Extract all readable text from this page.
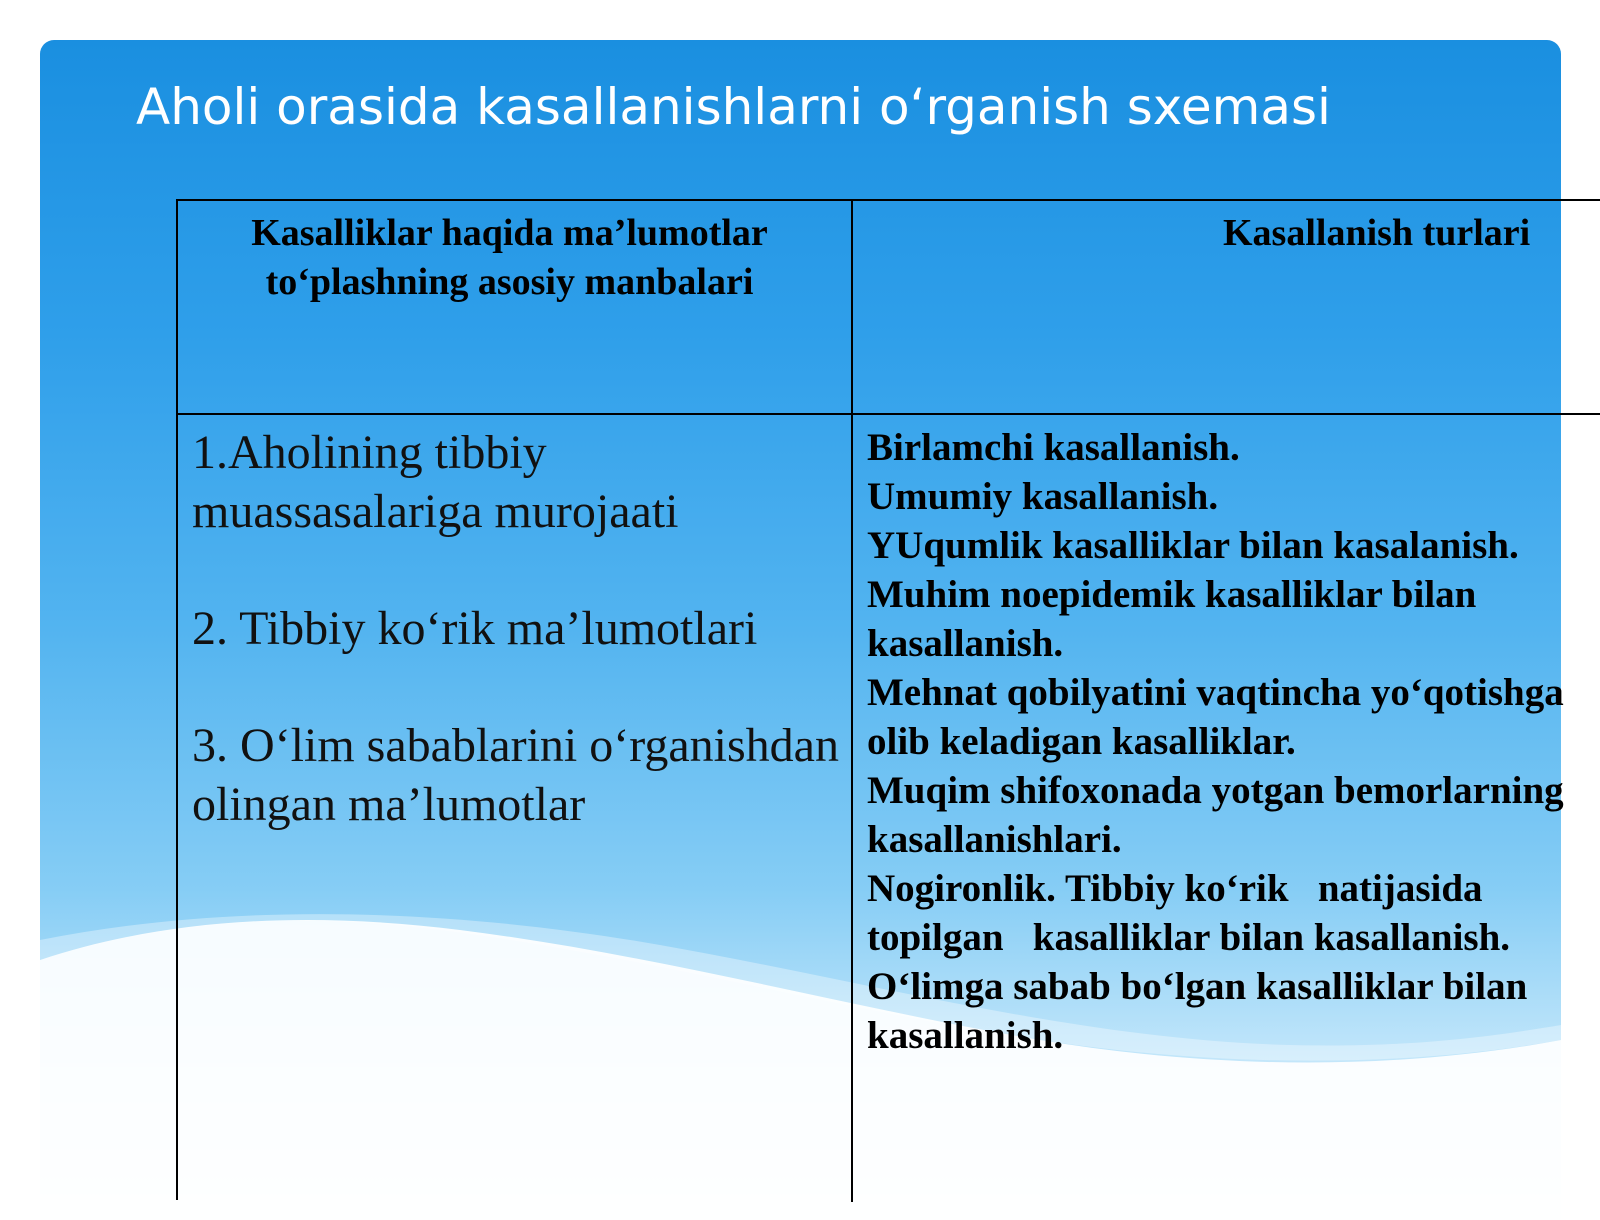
Aholi orasida kasallanishlarni o‘rganish sxemasi
Kasalliklar haqida ma’lumotlar to‘plashning asosiy manbalari
Kasallanish turlari

1.Aholining tibbiy muassasalariga murojaati

2. Tibbiy ko‘rik ma’lumotlari

3. O‘lim sabablarini o‘rganishdan olingan ma’lumotlar

Birlamchi kasallanish.
Umumiy kasallanish.
YUqumlik kasalliklar bilan kasalanish.
Muhim noepidemik kasalliklar bilan kasallanish.
Mehnat qobilyatini vaqtincha yo‘qotishga olib keladigan kasalliklar.
Muqim shifoxonada yotgan bemorlarning kasallanishlari.
Nogironlik. Tibbiy ko‘rik   natijasida topilgan   kasalliklar bilan kasallanish. O‘limga sabab bo‘lgan kasalliklar bilan kasallanish.
